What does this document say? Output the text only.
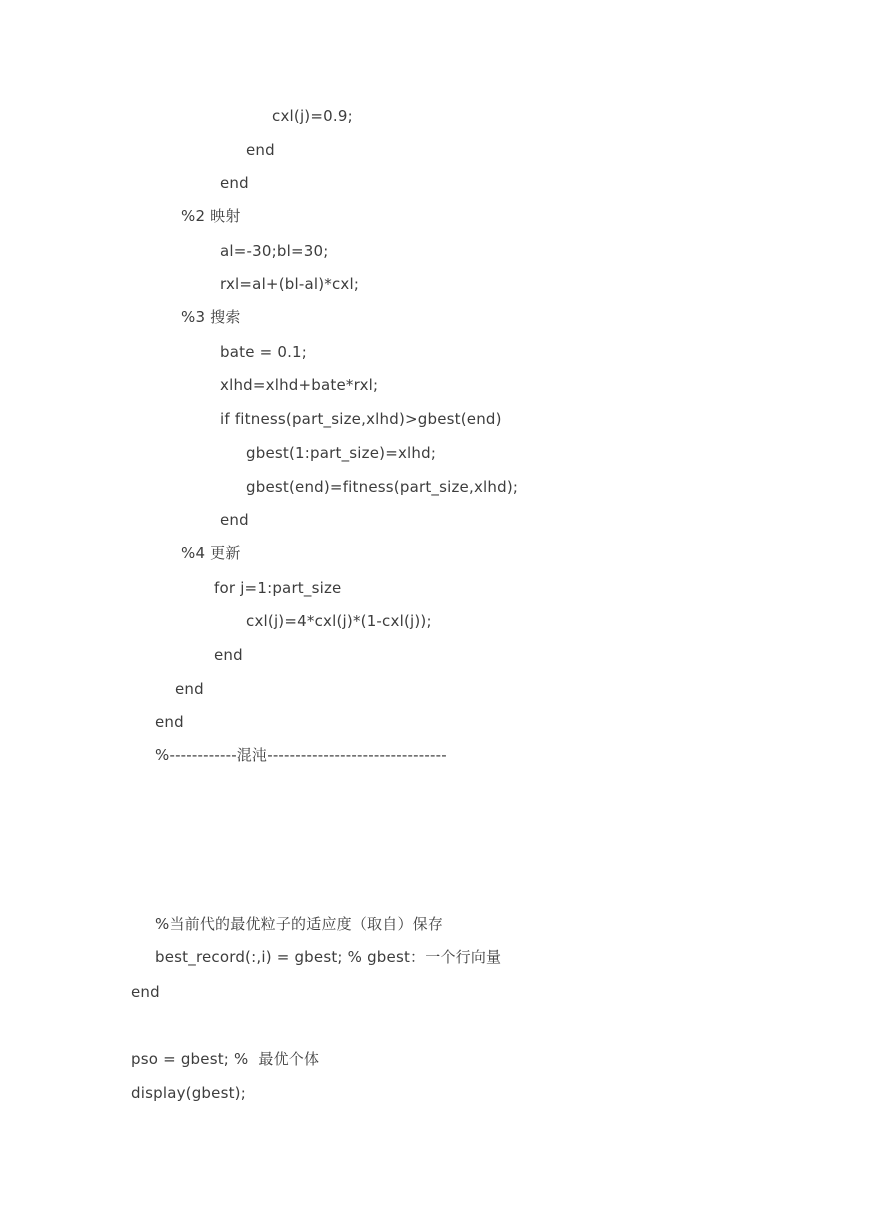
cxl(j)=0.9;
end
end
%2 映射
al=-30;bl=30;
rxl=al+(bl-al)*cxl;
%3 搜索
bate = 0.1;
xlhd=xlhd+bate*rxl;
if fitness(part_size,xlhd)>gbest(end)
gbest(1:part_size)=xlhd;
gbest(end)=fitness(part_size,xlhd);
end
%4 更新
for j=1:part_size
cxl(j)=4*cxl(j)*(1-cxl(j));
end
end
end
%------------混沌--------------------------------
%当前代的最优粒子的适应度（取自）保存
best_record(:,i) = gbest; % gbest：一个行向量
end
pso = gbest; %  最优个体
display(gbest);
